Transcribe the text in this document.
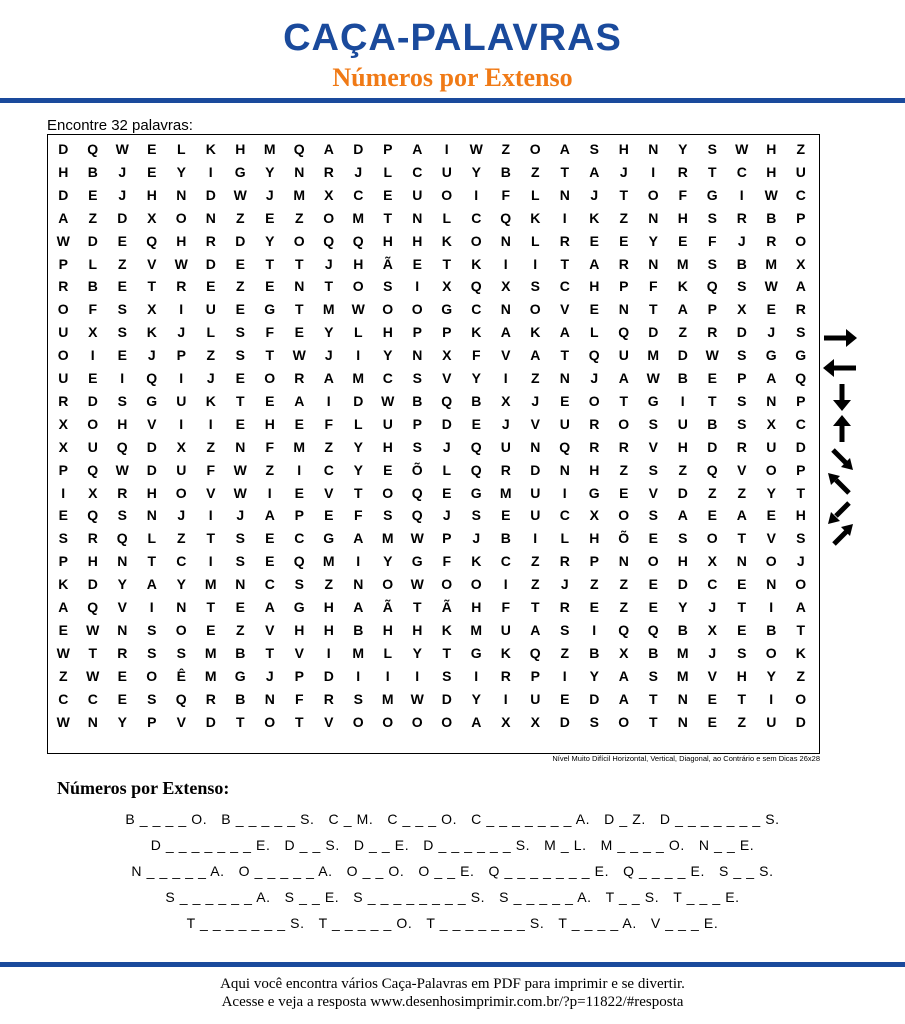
CAÇA-PALAVRAS
Números por Extenso
Encontre 32 palavras:
D	Q	W	E	L	K	H	M	Q	A	D	P	A	I	W	Z	O	A	S	H	N	Y	S	W	H	Z
H	B	J	E	Y	I	G	Y	N	R	J	L	C	U	Y	B	Z	T	A	J	I	R	T	C	H	U
D	E	J	H	N	D	W	J	M	X	C	E	U	O	I	F	L	N	J	T	O	F	G	I	W	C
A	Z	D	X	O	N	Z	E	Z	O	M	T	N	L	C	Q	K	I	K	Z	N	H	S	R	B	P
W	D	E	Q	H	R	D	Y	O	Q	Q	H	H	K	O	N	L	R	E	E	Y	E	F	J	R	O
P	L	Z	V	W	D	E	T	T	J	H	Ã	E	T	K	I	I	T	A	R	N	M	S	B	M	X
R	B	E	T	R	E	Z	E	N	T	O	S	I	X	Q	X	S	C	H	P	F	K	Q	S	W	A
O	F	S	X	I	U	E	G	T	M	W	O	O	G	C	N	O	V	E	N	T	A	P	X	E	R
U	X	S	K	J	L	S	F	E	Y	L	H	P	P	K	A	K	A	L	Q	D	Z	R	D	J	S
O	I	E	J	P	Z	S	T	W	J	I	Y	N	X	F	V	A	T	Q	U	M	D	W	S	G	G
U	E	I	Q	I	J	E	O	R	A	M	C	S	V	Y	I	Z	N	J	A	W	B	E	P	A	Q
R	D	S	G	U	K	T	E	A	I	D	W	B	Q	B	X	J	E	O	T	G	I	T	S	N	P
X	O	H	V	I	I	E	H	E	F	L	U	P	D	E	J	V	U	R	O	S	U	B	S	X	C
X	U	Q	D	X	Z	N	F	M	Z	Y	H	S	J	Q	U	N	Q	R	R	V	H	D	R	U	D
P	Q	W	D	U	F	W	Z	I	C	Y	E	Õ	L	Q	R	D	N	H	Z	S	Z	Q	V	O	P
I	X	R	H	O	V	W	I	E	V	T	O	Q	E	G	M	U	I	G	E	V	D	Z	Z	Y	T
E	Q	S	N	J	I	J	A	P	E	F	S	Q	J	S	E	U	C	X	O	S	A	E	A	E	H
S	R	Q	L	Z	T	S	E	C	G	A	M	W	P	J	B	I	L	H	Õ	E	S	O	T	V	S
P	H	N	T	C	I	S	E	Q	M	I	Y	G	F	K	C	Z	R	P	N	O	H	X	N	O	J
K	D	Y	A	Y	M	N	C	S	Z	N	O	W	O	O	I	Z	J	Z	Z	E	D	C	E	N	O
A	Q	V	I	N	T	E	A	G	H	A	Ã	T	Ã	H	F	T	R	E	Z	E	Y	J	T	I	A
E	W	N	S	O	E	Z	V	H	H	B	H	H	K	M	U	A	S	I	Q	Q	B	X	E	B	T
W	T	R	S	S	M	B	T	V	I	M	L	Y	T	G	K	Q	Z	B	X	B	M	J	S	O	K
Z	W	E	O	Ê	M	G	J	P	D	I	I	I	S	I	R	P	I	Y	A	S	M	V	H	Y	Z
C	C	E	S	Q	R	B	N	F	R	S	M	W	D	Y	I	U	E	D	A	T	N	E	T	I	O
W	N	Y	P	V	D	T	O	T	V	O	O	O	O	A	X	X	D	S	O	T	N	E	Z	U	D
Nível Muito Difícil Horizontal, Vertical, Diagonal, ao Contrário e sem Dicas 26x28
Números por Extenso:
B _ _ _ _ O. B _ _ _ _ _ S. C _ M. C _ _ _ O. C _ _ _ _ _ _ _ A. D _ Z. D _ _ _ _ _ _ _ S.
D _ _ _ _ _ _ _ E. D _ _ S. D _ _ E. D _ _ _ _ _ _ S. M _ L. M _ _ _ _ O. N _ _ E.
N _ _ _ _ _ A. O _ _ _ _ _ A. O _ _ O. O _ _ E. Q _ _ _ _ _ _ _ E. Q _ _ _ _ E. S _ _ S.
S _ _ _ _ _ _ A. S _ _ E. S _ _ _ _ _ _ _ _ S. S _ _ _ _ _ A. T _ _ S. T _ _ _ E.
T _ _ _ _ _ _ _ S. T _ _ _ _ _ O. T _ _ _ _ _ _ _ S. T _ _ _ _ A. V _ _ _ E.
Aqui você encontra vários Caça-Palavras em PDF para imprimir e se divertir.
Acesse e veja a resposta www.desenhosimprimir.com.br/?p=11822/#resposta
